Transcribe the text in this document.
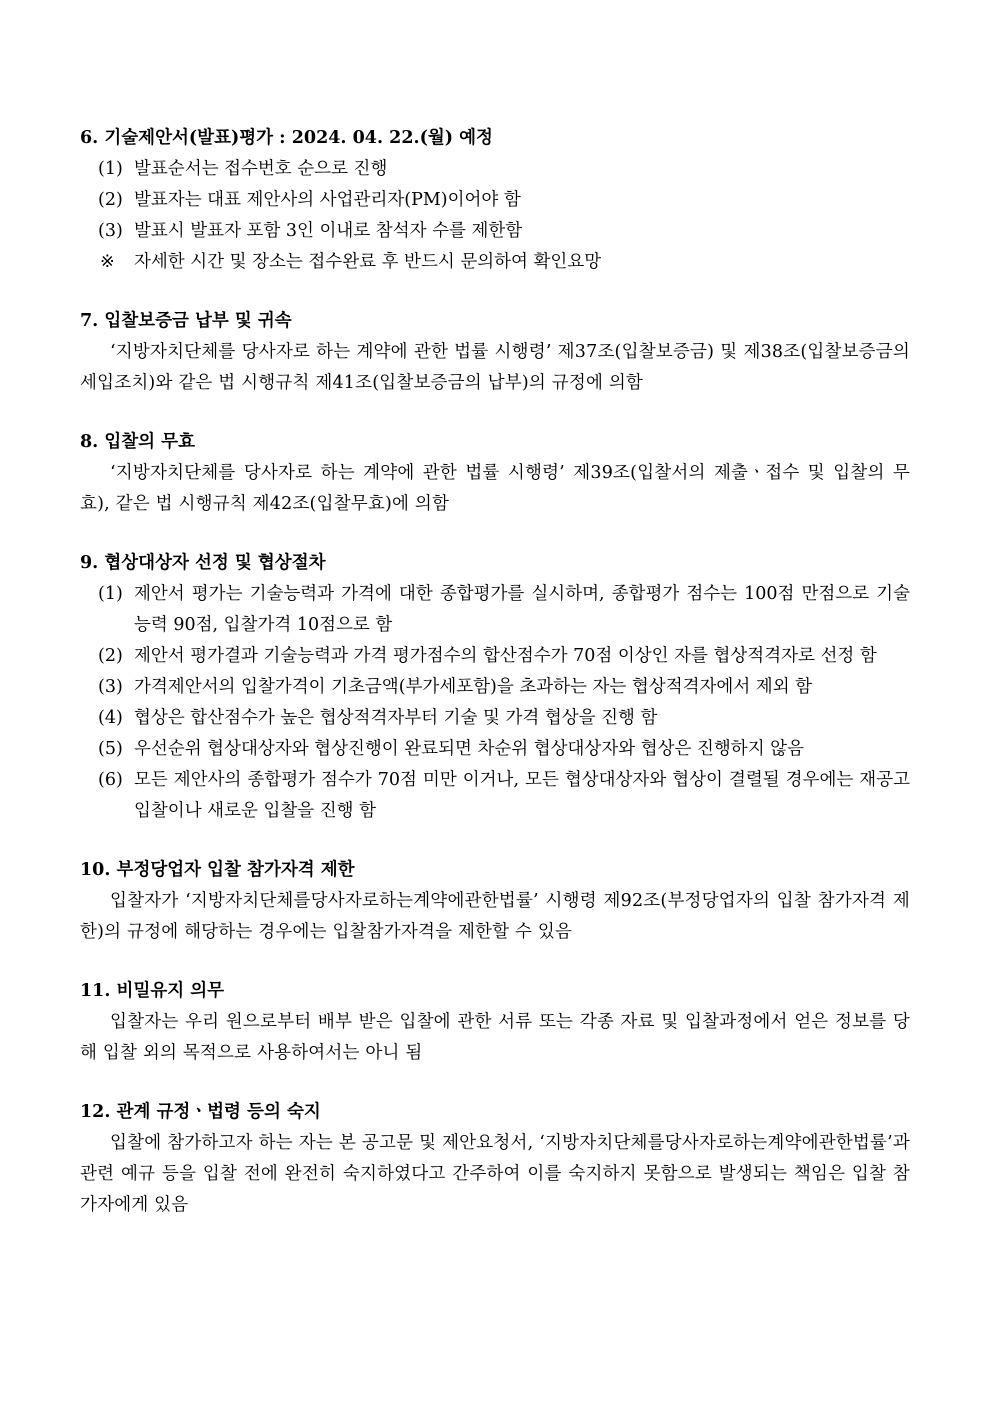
6. 기술제안서(발표)평가 : 2024. 04. 22.(월) 예정
(1) 발표순서는 접수번호 순으로 진행
(2) 발표자는 대표 제안사의 사업관리자(PM)이어야 함
(3) 발표시 발표자 포함 3인 이내로 참석자 수를 제한함
※ 자세한 시간 및 장소는 접수완료 후 반드시 문의하여 확인요망
7. 입찰보증금 납부 및 귀속
‘지방자치단체를 당사자로 하는 계약에 관한 법률 시행령’ 제37조(입찰보증금) 및 제38조(입찰보증금의 세입조치)와 같은 법 시행규칙 제41조(입찰보증금의 납부)의 규정에 의함
8. 입찰의 무효
‘지방자치단체를 당사자로 하는 계약에 관한 법률 시행령’ 제39조(입찰서의 제출ㆍ접수 및 입찰의 무효), 같은 법 시행규칙 제42조(입찰무효)에 의함
9. 협상대상자 선정 및 협상절차
(1) 제안서 평가는 기술능력과 가격에 대한 종합평가를 실시하며, 종합평가 점수는 100점 만점으로 기술능력 90점, 입찰가격 10점으로 함
(2) 제안서 평가결과 기술능력과 가격 평가점수의 합산점수가 70점 이상인 자를 협상적격자로 선정 함
(3) 가격제안서의 입찰가격이 기초금액(부가세포함)을 초과하는 자는 협상적격자에서 제외 함
(4) 협상은 합산점수가 높은 협상적격자부터 기술 및 가격 협상을 진행 함
(5) 우선순위 협상대상자와 협상진행이 완료되면 차순위 협상대상자와 협상은 진행하지 않음
(6) 모든 제안사의 종합평가 점수가 70점 미만 이거나, 모든 협상대상자와 협상이 결렬될 경우에는 재공고입찰이나 새로운 입찰을 진행 함
10. 부정당업자 입찰 참가자격 제한
입찰자가 ‘지방자치단체를당사자로하는계약에관한법률’ 시행령 제92조(부정당업자의 입찰 참가자격 제한)의 규정에 해당하는 경우에는 입찰참가자격을 제한할 수 있음
11. 비밀유지 의무
입찰자는 우리 원으로부터 배부 받은 입찰에 관한 서류 또는 각종 자료 및 입찰과정에서 얻은 정보를 당해 입찰 외의 목적으로 사용하여서는 아니 됨
12. 관계 규정ㆍ법령 등의 숙지
입찰에 참가하고자 하는 자는 본 공고문 및 제안요청서, ‘지방자치단체를당사자로하는계약에관한법률’과 관련 예규 등을 입찰 전에 완전히 숙지하였다고 간주하여 이를 숙지하지 못함으로 발생되는 책임은 입찰 참가자에게 있음
